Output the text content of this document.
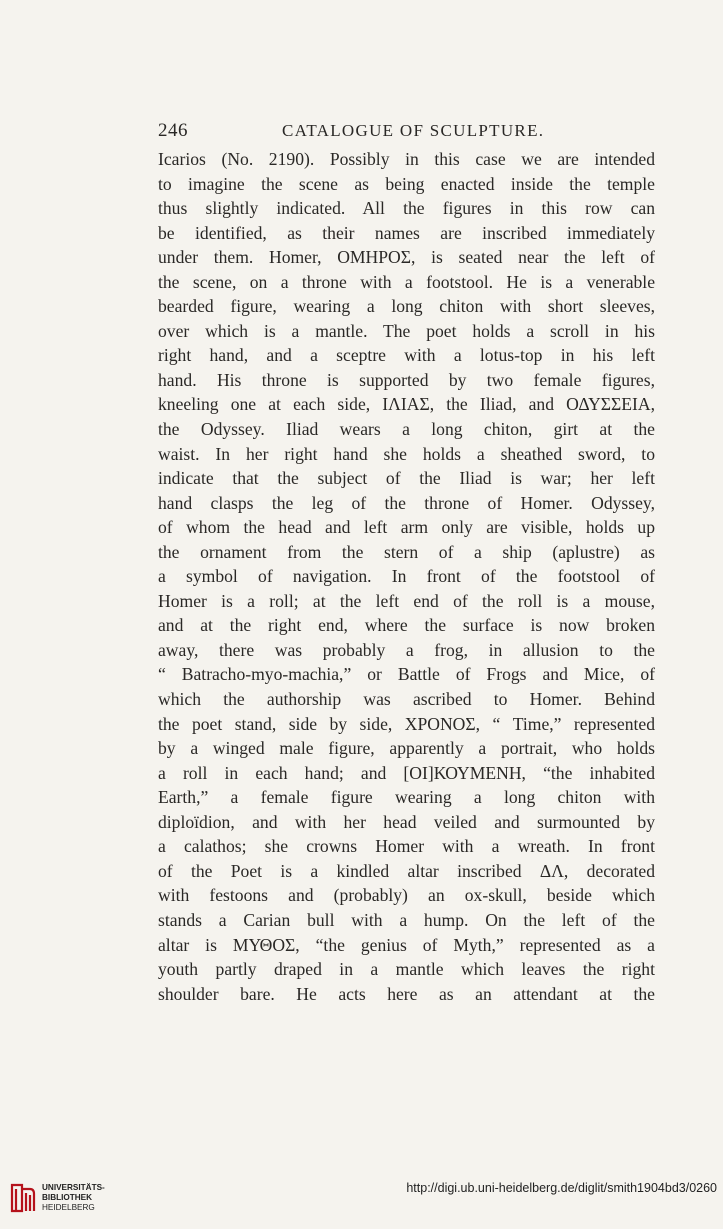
246	CATALOGUE OF SCULPTURE.
Icarios (No. 2190). Possibly in this case we are intended
to imagine the scene as being enacted inside the temple
thus slightly indicated. All the figures in this row can
be identified, as their names are inscribed immediately
under them. Homer, ΟΜΗΡΟΣ, is seated near the left of
the scene, on a throne with a footstool. He is a venerable
bearded figure, wearing a long chiton with short sleeves,
over which is a mantle. The poet holds a scroll in his
right hand, and a sceptre with a lotus-top in his left
hand. His throne is supported by two female figures,
kneeling one at each side, ΙΛΙΑΣ, the Iliad, and ΟΔΥΣΣΕΙΑ,
the Odyssey. Iliad wears a long chiton, girt at the
waist. In her right hand she holds a sheathed sword, to
indicate that the subject of the Iliad is war; her left
hand clasps the leg of the throne of Homer. Odyssey,
of whom the head and left arm only are visible, holds up
the ornament from the stern of a ship (aplustre) as
a symbol of navigation. In front of the footstool of
Homer is a roll; at the left end of the roll is a mouse,
and at the right end, where the surface is now broken
away, there was probably a frog, in allusion to the
“ Batracho-myo-machia,” or Battle of Frogs and Mice, of
which the authorship was ascribed to Homer. Behind
the poet stand, side by side, ΧΡΟΝΟΣ, “ Time,” represented
by a winged male figure, apparently a portrait, who holds
a roll in each hand; and [ΟΙ]ΚΟΥΜΕΝΗ, “the inhabited
Earth,” a female figure wearing a long chiton with
diploïdion, and with her head veiled and surmounted by
a calathos; she crowns Homer with a wreath. In front
of the Poet is a kindled altar inscribed ΔΛ, decorated
with festoons and (probably) an ox-skull, beside which
stands a Carian bull with a hump. On the left of the
altar is ΜΥΘΟΣ, “the genius of Myth,” represented as a
youth partly draped in a mantle which leaves the right
shoulder bare. He acts here as an attendant at the
UNIVERSITÄTS-
BIBLIOTHEK
HEIDELBERG
http://digi.ub.uni-heidelberg.de/diglit/smith1904bd3/0260
